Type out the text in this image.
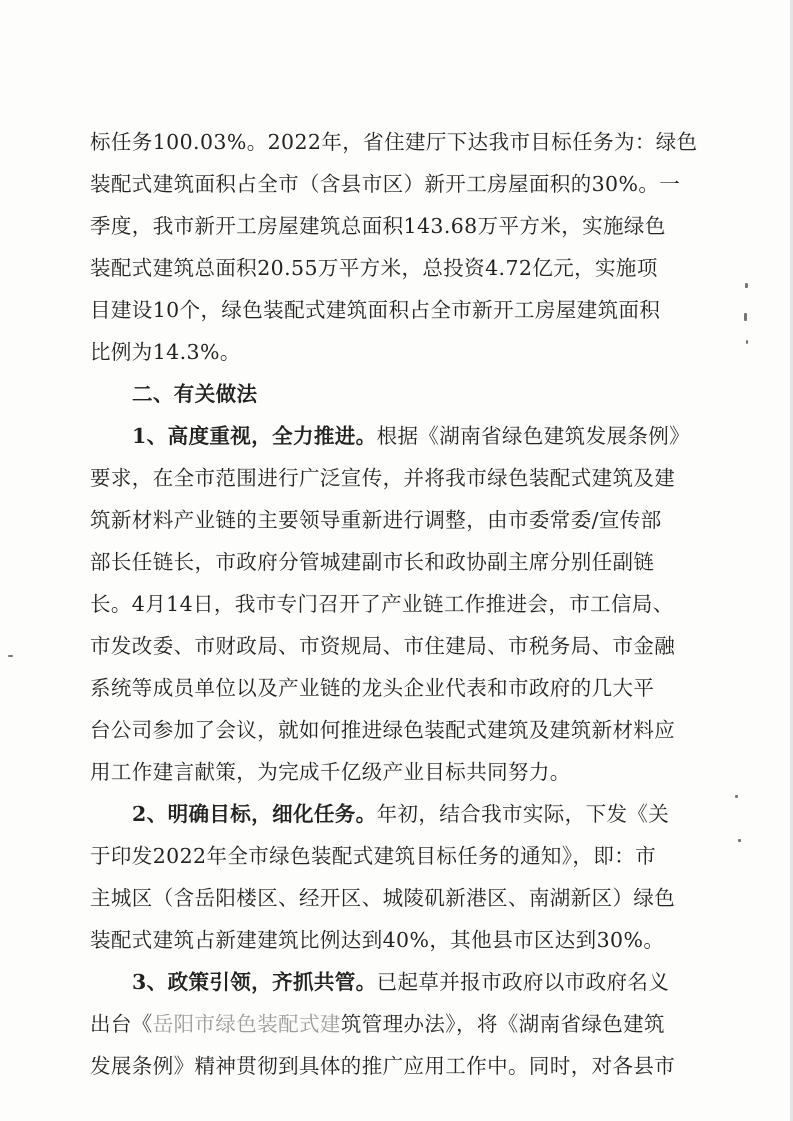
标任务100.03%。2022年，省住建厅下达我市目标任务为：绿色
装配式建筑面积占全市（含县市区）新开工房屋面积的30%。一
季度，我市新开工房屋建筑总面积143.68万平方米，实施绿色
装配式建筑总面积20.55万平方米，总投资4.72亿元，实施项
目建设10个，绿色装配式建筑面积占全市新开工房屋建筑面积
比例为14.3%。
二、有关做法
1、高度重视，全力推进。根据《湖南省绿色建筑发展条例》
要求，在全市范围进行广泛宣传，并将我市绿色装配式建筑及建
筑新材料产业链的主要领导重新进行调整，由市委常委/宣传部
部长任链长，市政府分管城建副市长和政协副主席分别任副链
长。4月14日，我市专门召开了产业链工作推进会，市工信局、
市发改委、市财政局、市资规局、市住建局、市税务局、市金融
系统等成员单位以及产业链的龙头企业代表和市政府的几大平
台公司参加了会议，就如何推进绿色装配式建筑及建筑新材料应
用工作建言献策，为完成千亿级产业目标共同努力。
2、明确目标，细化任务。年初，结合我市实际，下发《关
于印发2022年全市绿色装配式建筑目标任务的通知》，即：市
主城区（含岳阳楼区、经开区、城陵矶新港区、南湖新区）绿色
装配式建筑占新建建筑比例达到40%，其他县市区达到30%。
3、政策引领，齐抓共管。已起草并报市政府以市政府名义
出台《岳阳市绿色装配式建筑管理办法》，将《湖南省绿色建筑
发展条例》精神贯彻到具体的推广应用工作中。同时，对各县市
